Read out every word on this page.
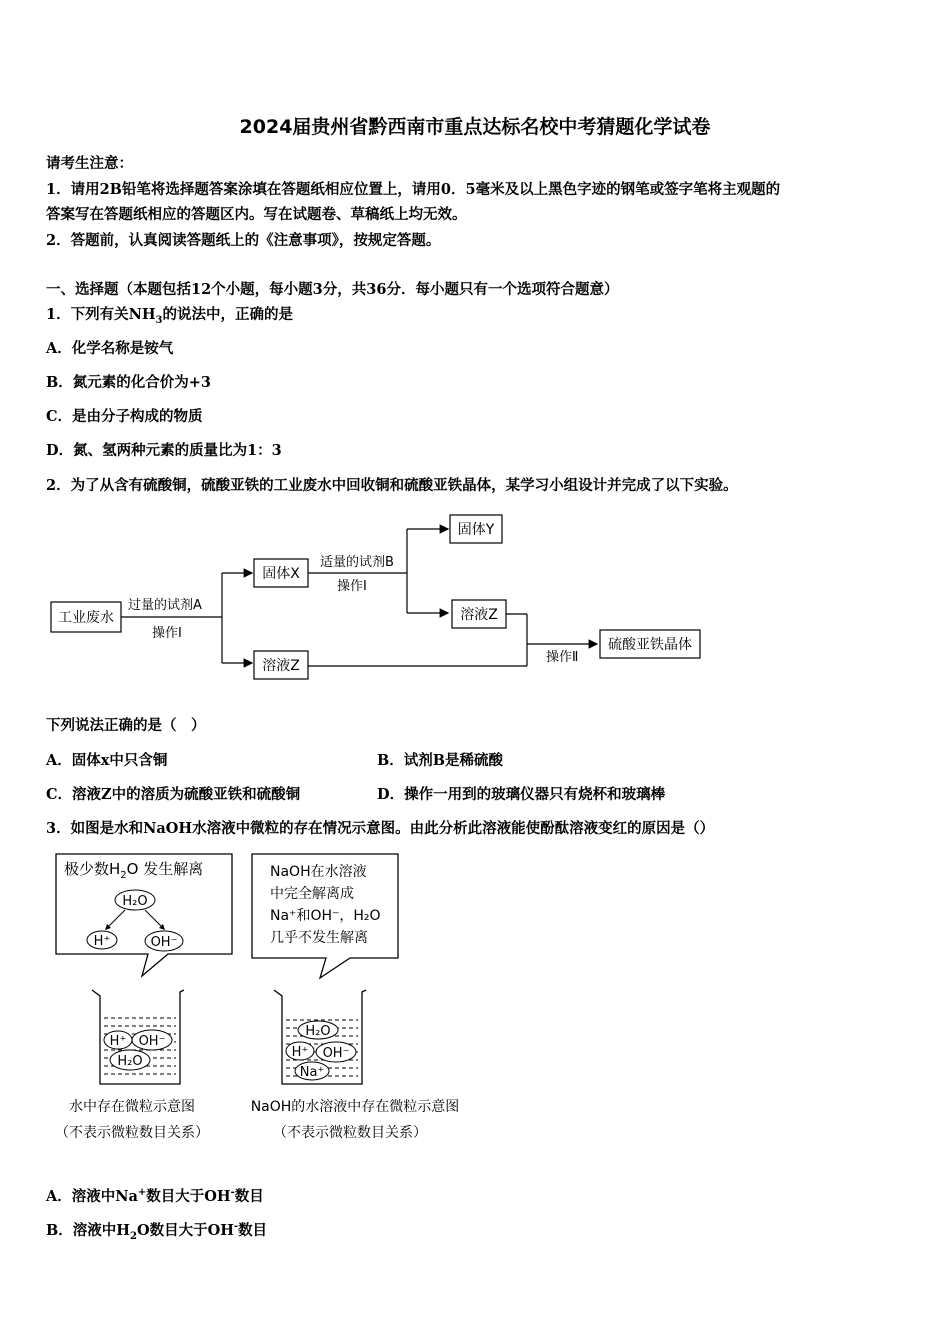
2024届贵州省黔西南市重点达标名校中考猜题化学试卷
请考生注意：
1．请用2B铅笔将选择题答案涂填在答题纸相应位置上，请用0．5毫米及以上黑色字迹的钢笔或签字笔将主观题的
答案写在答题纸相应的答题区内。写在试题卷、草稿纸上均无效。
2．答题前，认真阅读答题纸上的《注意事项》，按规定答题。
一、选择题（本题包括12个小题，每小题3分，共36分．每小题只有一个选项符合题意）
1．下列有关$NH_3$的说法中，正确的是
A．化学名称是铵气
B．氮元素的化合价为+3
C．是由分子构成的物质
D．氮、氢两种元素的质量比为1：3
2．为了从含有硫酸铜，硫酸亚铁的工业废水中回收铜和硫酸亚铁晶体，某学习小组设计并完成了以下实验。
工业废水
过量的试剂A
操作Ⅰ
固体X
适量的试剂B
操作Ⅰ
固体Y
溶液Z
溶液Z
操作Ⅱ
硫酸亚铁晶体
下列说法正确的是（　）
A．固体x中只含铜	B．试剂B是稀硫酸
C．溶液Z中的溶质为硫酸亚铁和硫酸铜	D．操作一用到的玻璃仪器只有烧杯和玻璃棒
3．如图是水和NaOH水溶液中微粒的存在情况示意图。由此分析此溶液能使酚酞溶液变红的原因是（）
极少数$H_2O$ 发生解离
H₂O
H⁺	OH⁻
NaOH在水溶液
中完全解离成
Na⁺和OH⁻，H₂O
几乎不发生解离
H⁺ OH⁻
H₂O
H₂O
H⁺ OH⁻
Na⁺
水中存在微粒示意图
（不表示微粒数目关系）
NaOH的水溶液中存在微粒示意图
（不表示微粒数目关系）
A．溶液中Na+数目大于OH-数目
B．溶液中$H_2O$数目大于OH-数目
